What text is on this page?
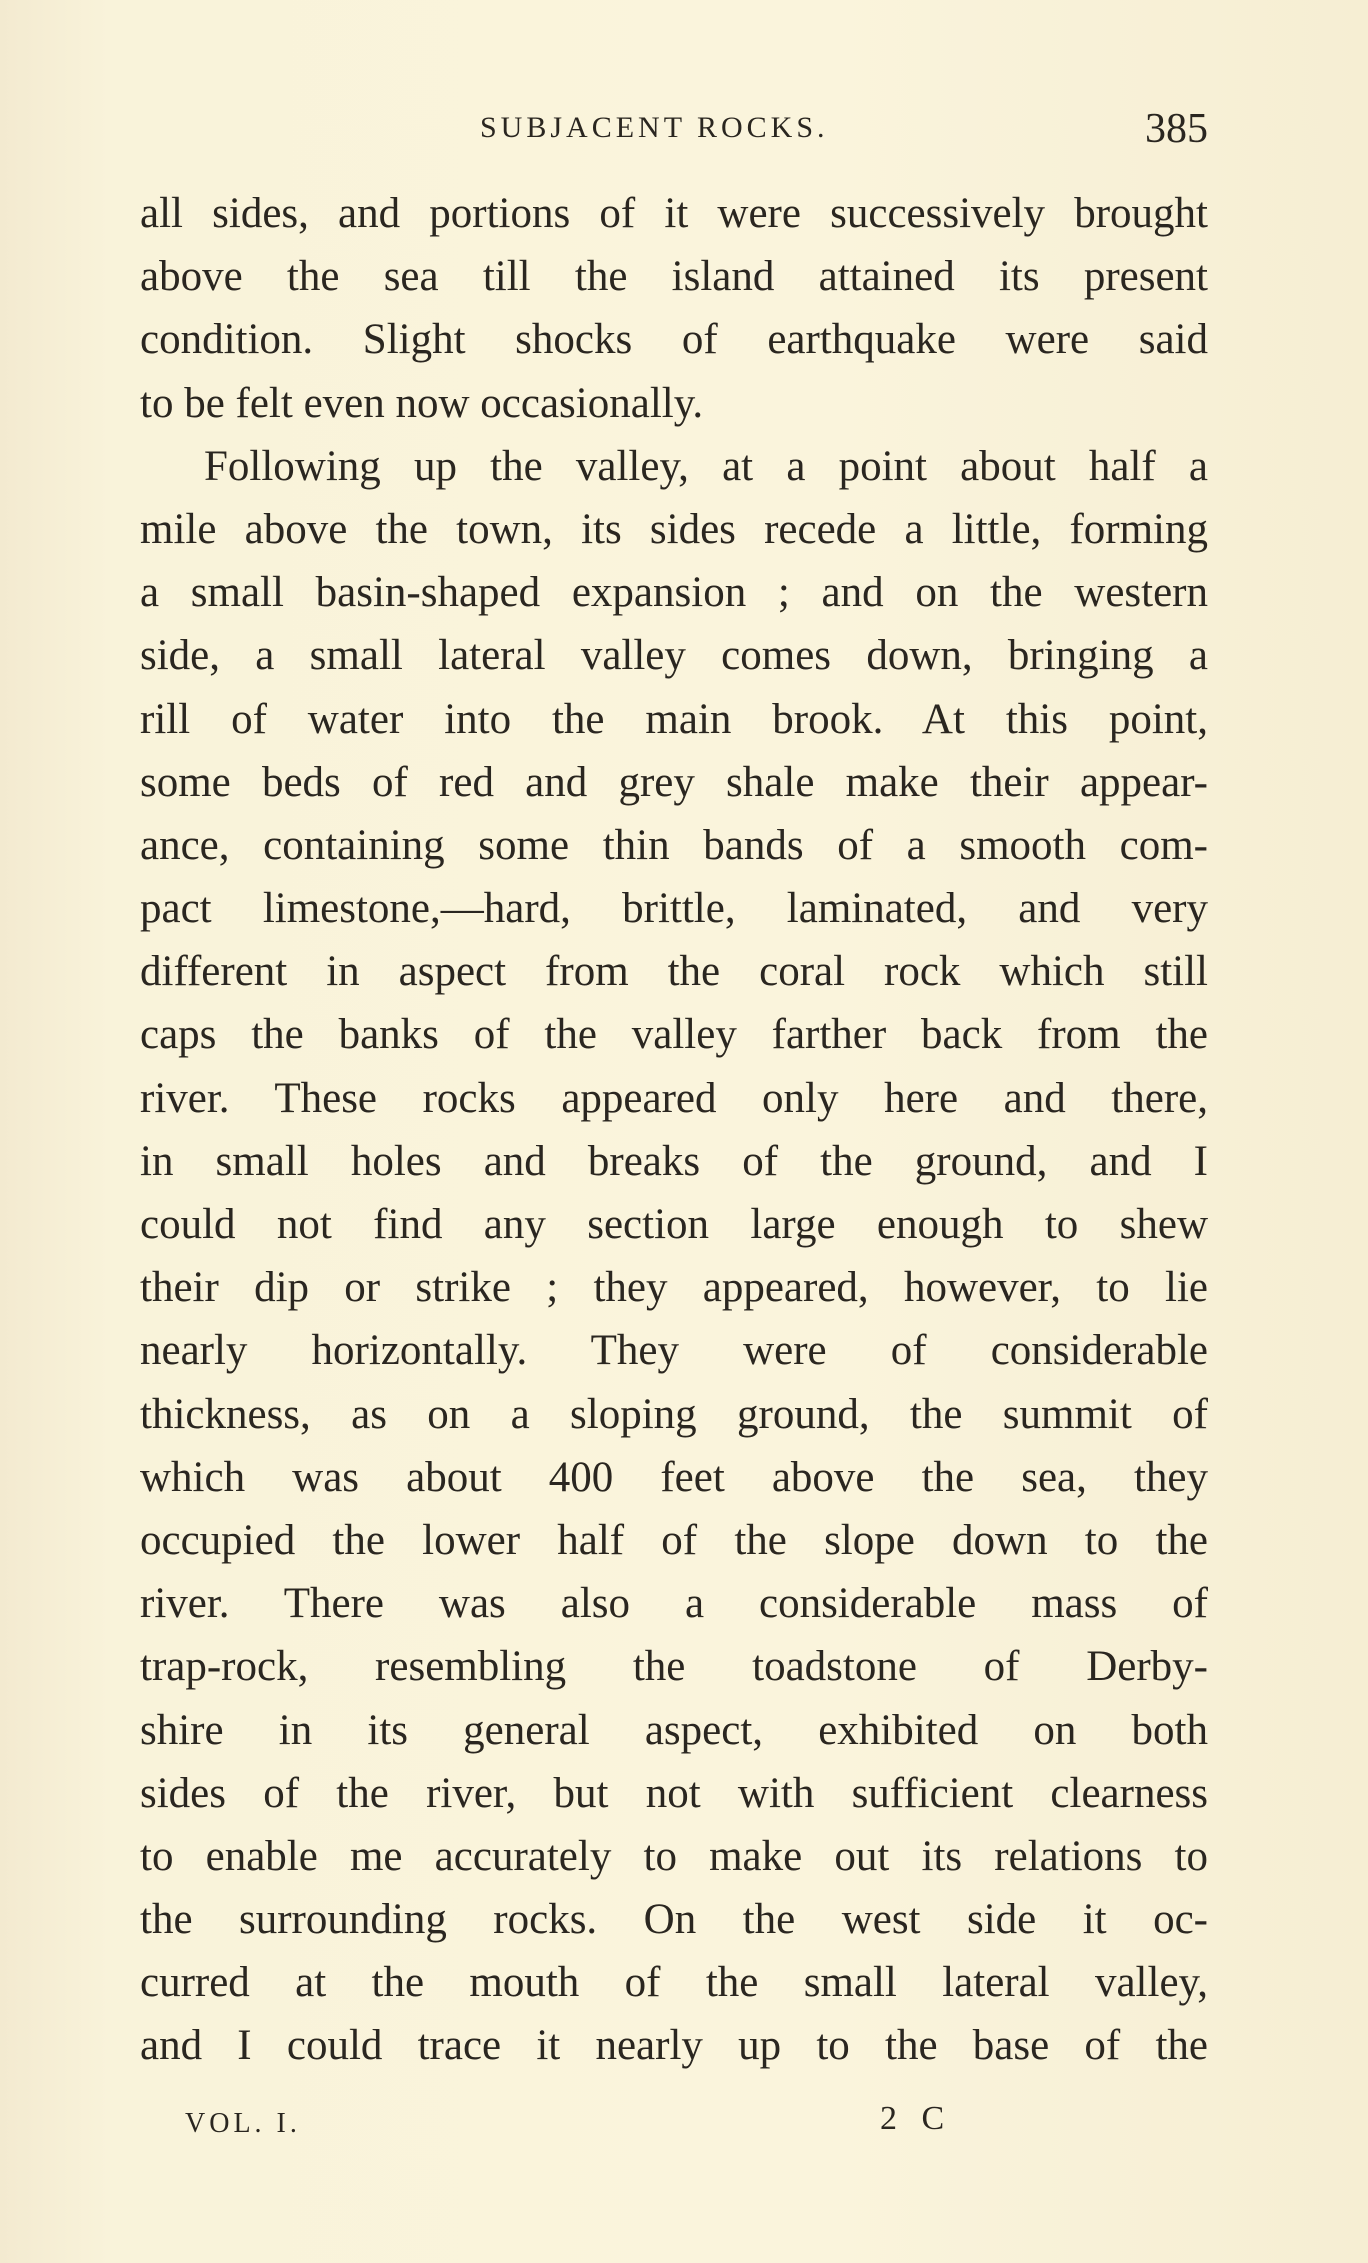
SUBJACENT ROCKS.	385
all sides, and portions of it were successively brought
above the sea till the island attained its present
condition. Slight shocks of earthquake were said
to be felt even now occasionally.
Following up the valley, at a point about half a
mile above the town, its sides recede a little, forming
a small basin-shaped expansion ; and on the western
side, a small lateral valley comes down, bringing a
rill of water into the main brook. At this point,
some beds of red and grey shale make their appear-
ance, containing some thin bands of a smooth com-
pact limestone,—hard, brittle, laminated, and very
different in aspect from the coral rock which still
caps the banks of the valley farther back from the
river. These rocks appeared only here and there,
in small holes and breaks of the ground, and I
could not find any section large enough to shew
their dip or strike ; they appeared, however, to lie
nearly horizontally. They were of considerable
thickness, as on a sloping ground, the summit of
which was about 400 feet above the sea, they
occupied the lower half of the slope down to the
river. There was also a considerable mass of
trap-rock, resembling the toadstone of Derby-
shire in its general aspect, exhibited on both
sides of the river, but not with sufficient clearness
to enable me accurately to make out its relations to
the surrounding rocks. On the west side it oc-
curred at the mouth of the small lateral valley,
and I could trace it nearly up to the base of the
VOL. I.	2 C
